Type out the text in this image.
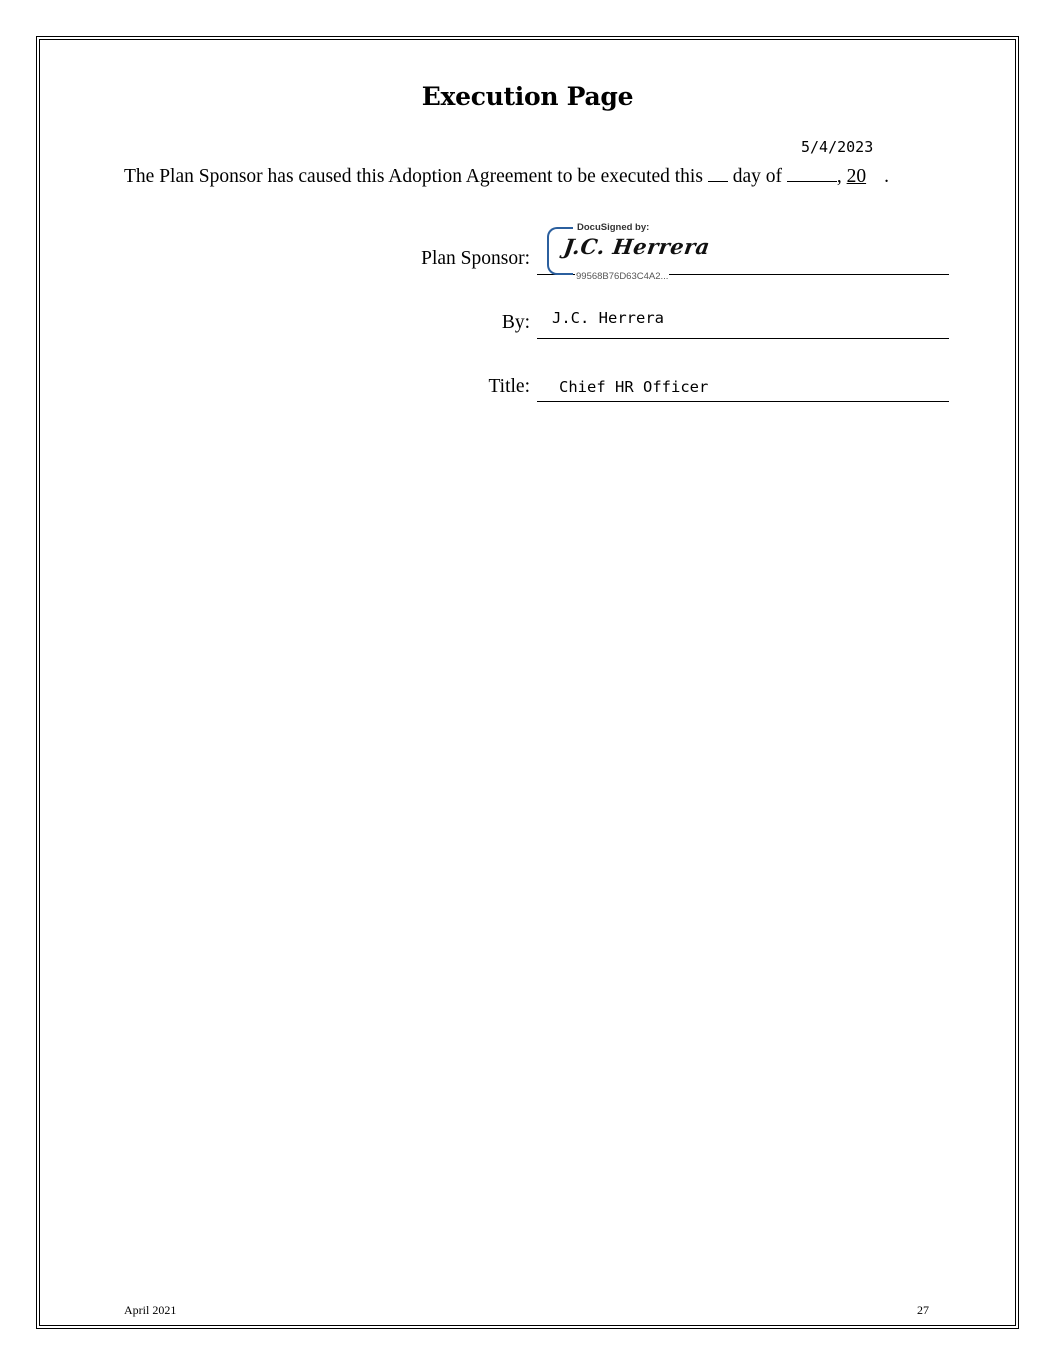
Execution Page
5/4/2023
The Plan Sponsor has caused this Adoption Agreement to be executed this day of	, 20 .
Plan Sponsor:
DocuSigned by:
J.C. Herrera
99568B76D63C4A2...
By: J.C. Herrera
Title: Chief HR Officer
April 2021	27
